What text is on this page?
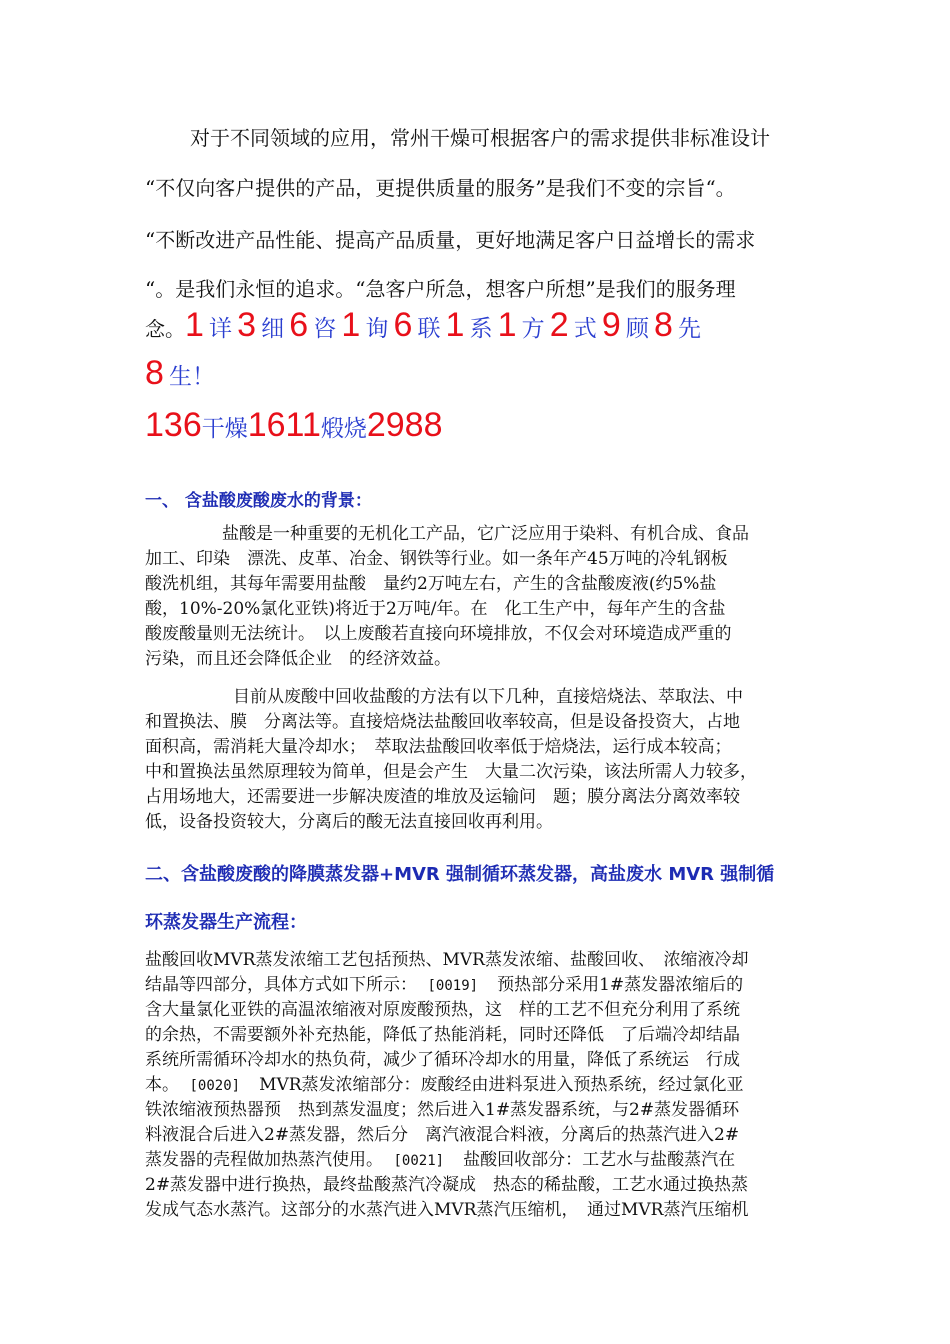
对于不同领域的应用，常州干燥可根据客户的需求提供非标准设计
“不仅向客户提供的产品，更提供质量的服务”是我们不变的宗旨“。
“不断改进产品性能、提高产品质量，更好地满足客户日益增长的需求
“。是我们永恒的追求。“急客户所急，想客户所想”是我们的服务理
念。1 详 3 细 6 咨 1 询 6 联 1 系 1 方 2 式 9 顾 8 先
8 生！
136干燥1611煅烧2988
一、 含盐酸废酸废水的背景：
盐酸是一种重要的无机化工产品，它广泛应用于染料、有机合成、食品
加工、印染　漂洗、皮革、冶金、钢铁等行业。如一条年产45万吨的冷轧钢板
酸洗机组，其每年需要用盐酸　量约2万吨左右，产生的含盐酸废液(约5%盐
酸，10%-20%氯化亚铁)将近于2万吨/年。在　化工生产中，每年产生的含盐
酸废酸量则无法统计。　以上废酸若直接向环境排放，不仅会对环境造成严重的
污染，而且还会降低企业　的经济效益。
目前从废酸中回收盐酸的方法有以下几种，直接焙烧法、萃取法、中
和置换法、膜　分离法等。直接焙烧法盐酸回收率较高，但是设备投资大，占地
面积高，需消耗大量冷却水；　萃取法盐酸回收率低于焙烧法，运行成本较高；
中和置换法虽然原理较为简单，但是会产生　大量二次污染，该法所需人力较多，
占用场地大，还需要进一步解决废渣的堆放及运输问　题；膜分离法分离效率较
低，设备投资较大，分离后的酸无法直接回收再利用。
二、含盐酸废酸的降膜蒸发器+MVR 强制循环蒸发器，高盐废水 MVR 强制循
环蒸发器生产流程：
盐酸回收MVR蒸发浓缩工艺包括预热、MVR蒸发浓缩、盐酸回收、　浓缩液冷却
结晶等四部分，具体方式如下所示：　[0019]　预热部分采用1#蒸发器浓缩后的
含大量氯化亚铁的高温浓缩液对原废酸预热，这　样的工艺不但充分利用了系统
的余热，不需要额外补充热能，降低了热能消耗，同时还降低　了后端冷却结晶
系统所需循环冷却水的热负荷，减少了循环冷却水的用量，降低了系统运　行成
本。　[0020]　MVR蒸发浓缩部分：废酸经由进料泵进入预热系统，经过氯化亚
铁浓缩液预热器预　热到蒸发温度；然后进入1#蒸发器系统，与2#蒸发器循环
料液混合后进入2#蒸发器，然后分　离汽液混合料液，分离后的热蒸汽进入2#
蒸发器的壳程做加热蒸汽使用。　[0021]　盐酸回收部分：工艺水与盐酸蒸汽在
2#蒸发器中进行换热，最终盐酸蒸汽冷凝成　热态的稀盐酸，工艺水通过换热蒸
发成气态水蒸汽。这部分的水蒸汽进入MVR蒸汽压缩机，　通过MVR蒸汽压缩机
